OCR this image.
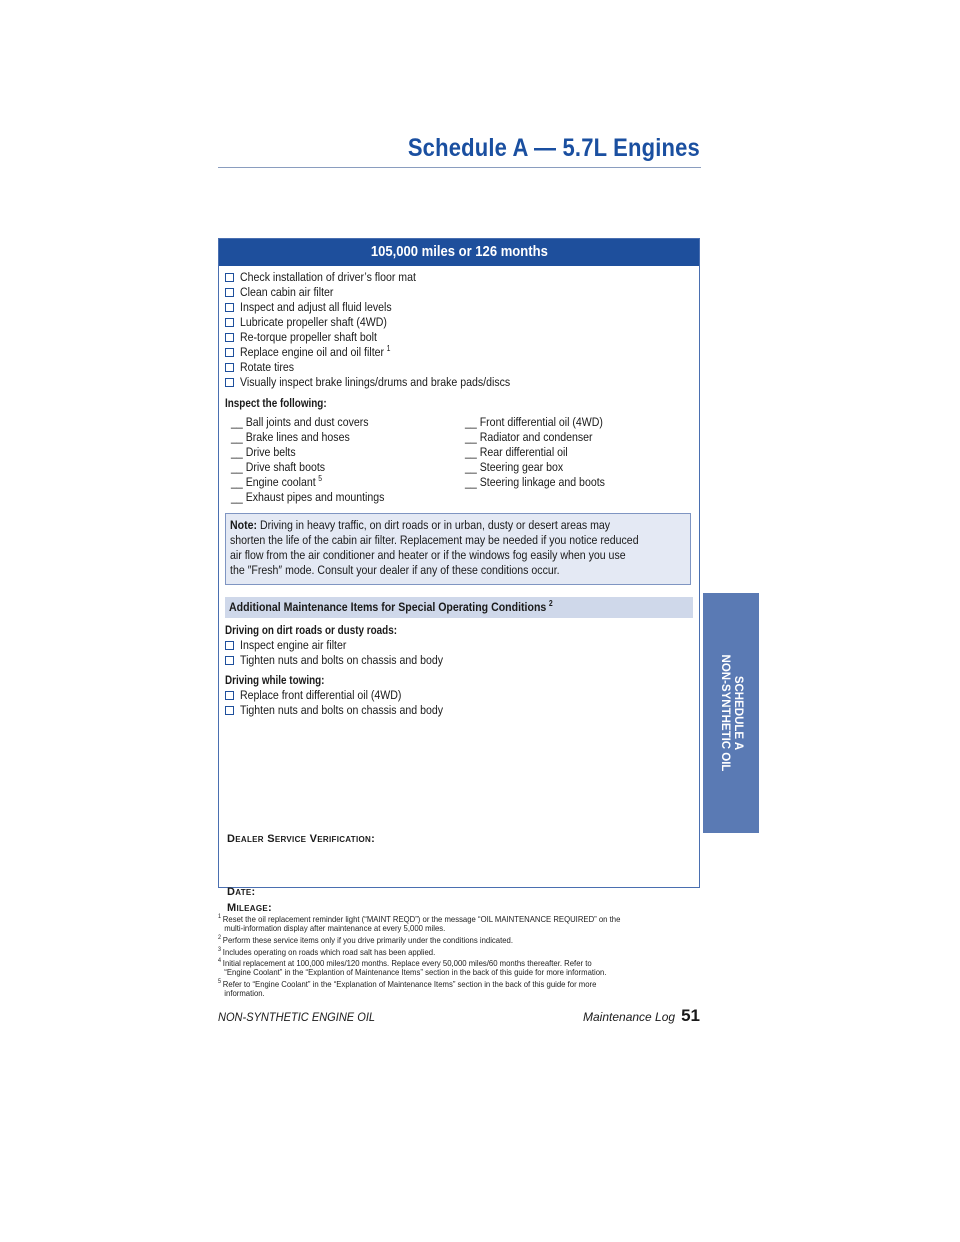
Schedule A — 5.7L Engines
105,000 miles or 126 months
Check installation of driver’s floor mat
Clean cabin air filter
Inspect and adjust all fluid levels
Lubricate propeller shaft (4WD)
Re-torque propeller shaft bolt
Replace engine oil and oil filter $^1$
Rotate tires
Visually inspect brake linings/drums and brake pads/discs
Inspect the following:
__ Ball joints and dust covers
__ Brake lines and hoses
__ Drive belts
__ Drive shaft boots
__ Engine coolant $^5$
__ Exhaust pipes and mountings
__ Front differential oil (4WD)
__ Radiator and condenser
__ Rear differential oil
__ Steering gear box
__ Steering linkage and boots
Note: Driving in heavy traffic, on dirt roads or in urban, dusty or desert areas may
shorten the life of the cabin air filter. Replacement may be needed if you notice reduced
air flow from the air conditioner and heater or if the windows fog easily when you use
the ″Fresh″ mode. Consult your dealer if any of these conditions occur.
Additional Maintenance Items for Special Operating Conditions $^2$
Driving on dirt roads or dusty roads:
Inspect engine air filter
Tighten nuts and bolts on chassis and body
Driving while towing:
Replace front differential oil (4WD)
Tighten nuts and bolts on chassis and body
Dealer Service Verification:
Date:
Mileage:
$^1$ Reset the oil replacement reminder light (“MAINT REQD”) or the message “OIL MAINTENANCE REQUIRED” on the
multi-information display after maintenance at every 5,000 miles.
$^2$ Perform these service items only if you drive primarily under the conditions indicated.
$^3$ Includes operating on roads which road salt has been applied.
$^4$ Initial replacement at 100,000 miles/120 months. Replace every 50,000 miles/60 months thereafter. Refer to
“Engine Coolant” in the “Explantion of Maintenance Items” section in the back of this guide for more information.
$^5$ Refer to “Engine Coolant” in the “Explanation of Maintenance Items” section in the back of this guide for more
information.
NON-SYNTHETIC ENGINE OIL	Maintenance Log 51
SCHEDULE A
NON-SYNTHETIC OIL
